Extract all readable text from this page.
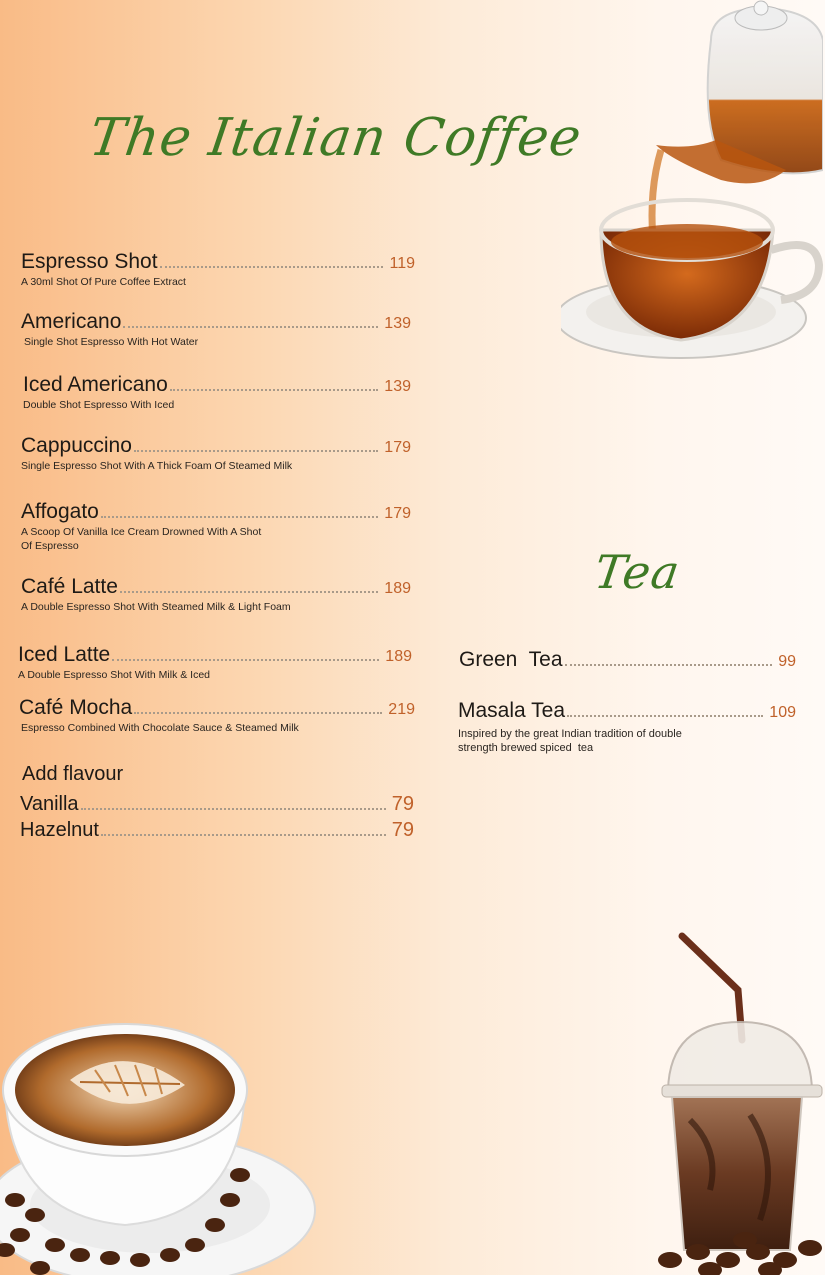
The Italian Coffee
Espresso Shot	119
A 30ml Shot Of Pure Coffee Extract
Americano	139
Single Shot Espresso With Hot Water
Iced Americano	139
Double Shot Espresso With Iced
Cappuccino	179
Single Espresso Shot With A Thick Foam Of Steamed Milk
Affogato	179
A Scoop Of Vanilla Ice Cream Drowned With A Shot
Of Espresso
Café Latte	189
A Double Espresso Shot With Steamed Milk & Light Foam
Iced Latte	189
A Double Espresso Shot With Milk & Iced
Café Mocha	219
Espresso Combined With Chocolate Sauce & Steamed Milk
Add flavour
Vanilla	79
Hazelnut	79
Tea
Green  Tea	99
Masala Tea	109
Inspired by the great Indian tradition of double
strength brewed spiced  tea
